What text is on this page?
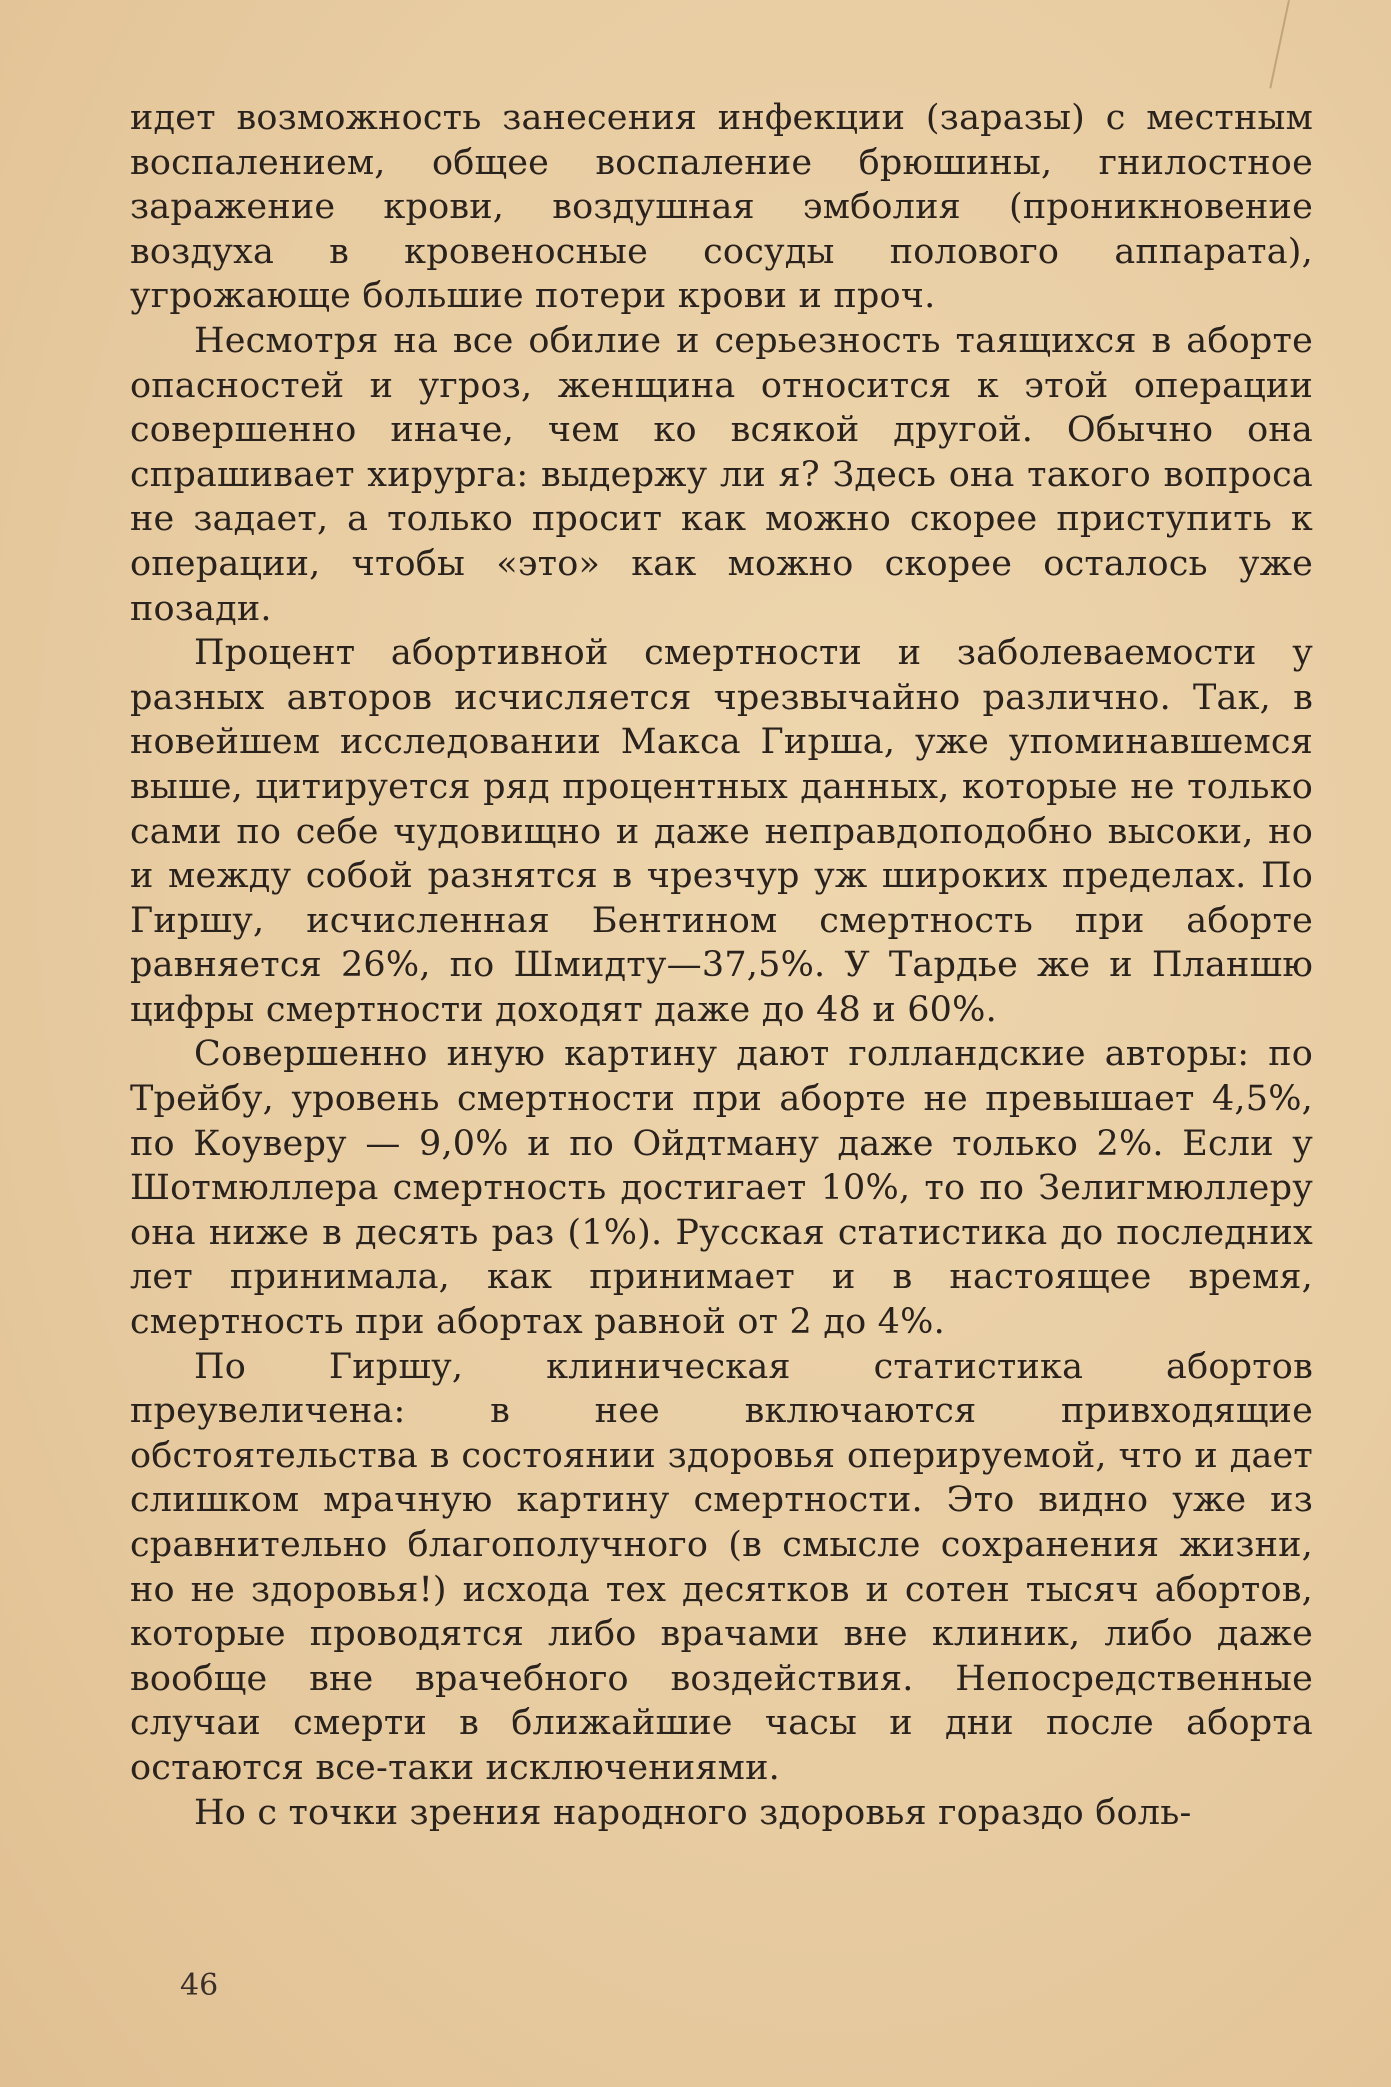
идет возможность занесения инфекции (заразы) с местным воспалением, общее воспаление брюшины, гнилостное заражение крови, воздушная эмболия (проникновение воздуха в кровеносные сосуды полового аппарата), угрожающе большие потери крови и проч.

Несмотря на все обилие и серьезность таящихся в аборте опасностей и угроз, женщина относится к этой операции совершенно иначе, чем ко всякой другой. Обычно она спрашивает хирурга: выдержу ли я? Здесь она такого вопроса не задает, а только просит как можно скорее приступить к операции, чтобы «это» как можно скорее осталось уже позади.

Процент абортивной смертности и заболеваемости у разных авторов исчисляется чрезвычайно различно. Так, в новейшем исследовании Макса Гирша, уже упоминавшемся выше, цитируется ряд процентных данных, которые не только сами по себе чудовищно и даже неправдоподобно высоки, но и между собой разнятся в чрезчур уж широких пределах. По Гиршу, исчисленная Бентином смертность при аборте равняется 26%, по Шмидту—37,5%. У Тардье же и Планшю цифры смертности доходят даже до 48 и 60%.

Совершенно иную картину дают голландские авторы: по Трейбу, уровень смертности при аборте не превышает 4,5%, по Коуверу — 9,0% и по Ойдтману даже только 2%. Если у Шотмюллера смертность достигает 10%, то по Зелигмюллеру она ниже в десять раз (1%). Русская статистика до последних лет принимала, как принимает и в настоящее время, смертность при абортах равной от 2 до 4%.

По Гиршу, клиническая статистика абортов преувеличена: в нее включаются привходящие обстоятельства в состоянии здоровья оперируемой, что и дает слишком мрачную картину смертности. Это видно уже из сравнительно благополучного (в смысле сохранения жизни, но не здоровья!) исхода тех десятков и сотен тысяч абортов, которые проводятся либо врачами вне клиник, либо даже вообще вне врачебного воздействия. Непосредственные случаи смерти в ближайшие часы и дни после аборта остаются все-таки исключениями.

Но с точки зрения народного здоровья гораздо боль-

46
